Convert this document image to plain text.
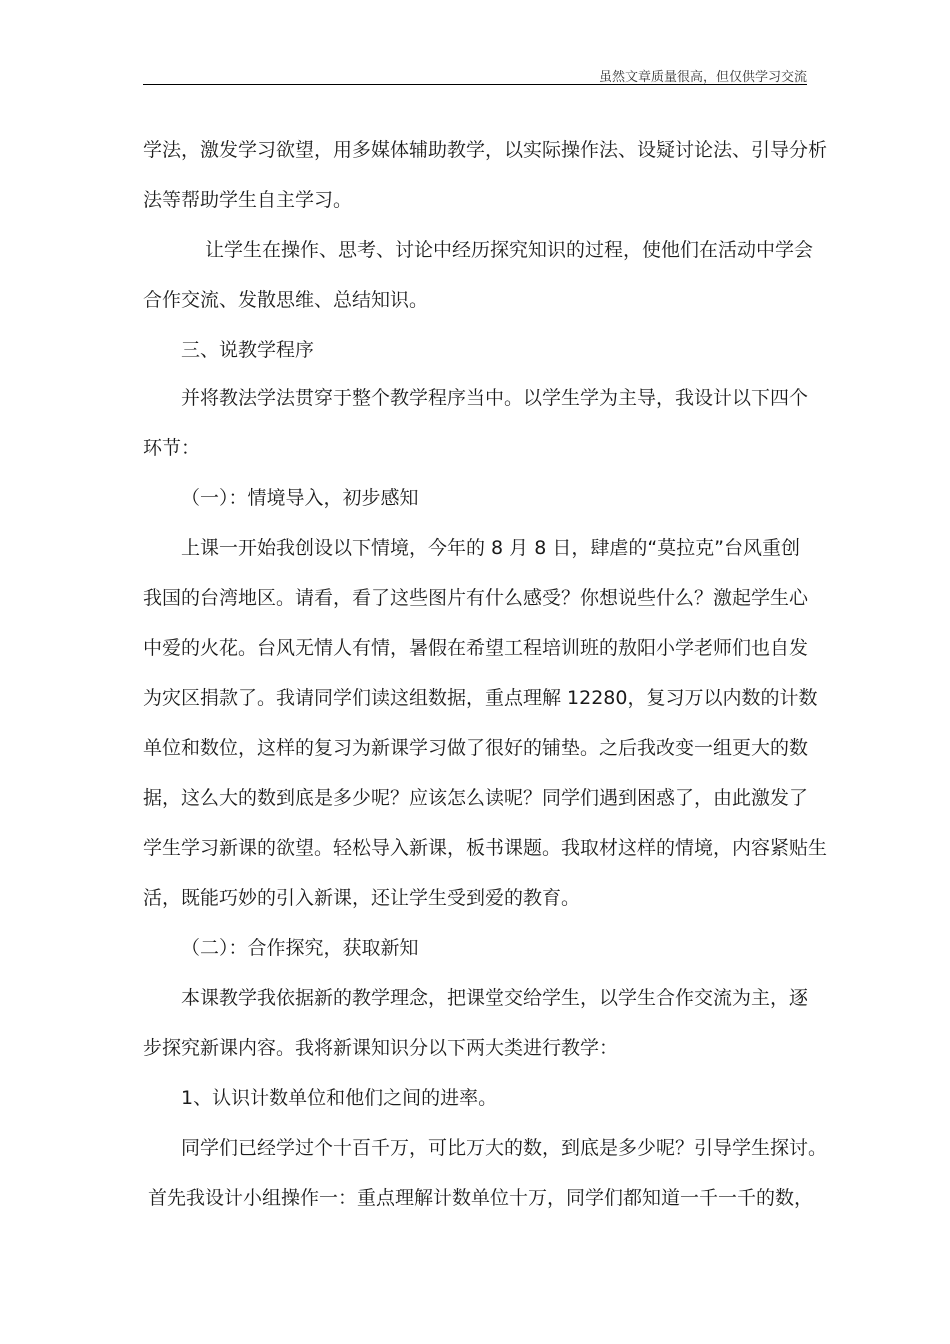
虽然文章质量很高，但仅供学习交流
学法，激发学习欲望，用多媒体辅助教学，以实际操作法、设疑讨论法、引导分析
法等帮助学生自主学习。
让学生在操作、思考、讨论中经历探究知识的过程，使他们在活动中学会
合作交流、发散思维、总结知识。
三、说教学程序
并将教法学法贯穿于整个教学程序当中。以学生学为主导，我设计以下四个
环节：
（一）：情境导入，初步感知
上课一开始我创设以下情境，今年的 8 月 8 日，肆虐的“莫拉克”台风重创
我国的台湾地区。请看，看了这些图片有什么感受？你想说些什么？激起学生心
中爱的火花。台风无情人有情，暑假在希望工程培训班的敖阳小学老师们也自发
为灾区捐款了。我请同学们读这组数据，重点理解 12280，复习万以内数的计数
单位和数位，这样的复习为新课学习做了很好的铺垫。之后我改变一组更大的数
据，这么大的数到底是多少呢？应该怎么读呢？同学们遇到困惑了，由此激发了
学生学习新课的欲望。轻松导入新课，板书课题。我取材这样的情境，内容紧贴生
活，既能巧妙的引入新课，还让学生受到爱的教育。
（二）：合作探究，获取新知
本课教学我依据新的教学理念，把课堂交给学生，以学生合作交流为主，逐
步探究新课内容。我将新课知识分以下两大类进行教学：
1、认识计数单位和他们之间的进率。
同学们已经学过个十百千万，可比万大的数，到底是多少呢？引导学生探讨。
首先我设计小组操作一：重点理解计数单位十万，同学们都知道一千一千的数，
